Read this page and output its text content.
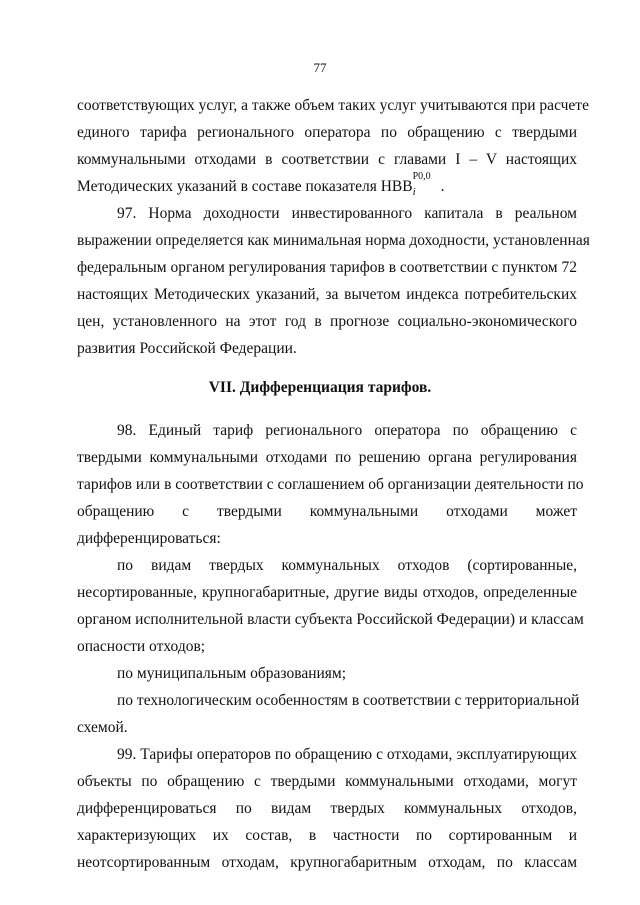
77
соответствующих услуг, а также объем таких услуг учитываются при расчете
единого тарифа регионального оператора по обращению с твердыми
коммунальными отходами в соответствии с главами I – V настоящих
Методических указаний в составе показателя НВВ
P0,0
i .
97. Норма доходности инвестированного капитала в реальном
выражении определяется как минимальная норма доходности, установленная
федеральным органом регулирования тарифов в соответствии с пунктом 72
настоящих Методических указаний, за вычетом индекса потребительских
цен, установленного на этот год в прогнозе социально-экономического
развития Российской Федерации.
VII. Дифференциация тарифов.
98. Единый тариф регионального оператора по обращению с
твердыми коммунальными отходами по решению органа регулирования
тарифов или в соответствии с соглашением об организации деятельности по
обращению с твердыми коммунальными отходами может
дифференцироваться:
по видам твердых коммунальных отходов (сортированные,
несортированные, крупногабаритные, другие виды отходов, определенные
органом исполнительной власти субъекта Российской Федерации) и классам
опасности отходов;
по муниципальным образованиям;
по технологическим особенностям в соответствии с территориальной
схемой.
99. Тарифы операторов по обращению с отходами, эксплуатирующих
объекты по обращению с твердыми коммунальными отходами, могут
дифференцироваться по видам твердых коммунальных отходов,
характеризующих их состав, в частности по сортированным и
неотсортированным отходам, крупногабаритным отходам, по классам
